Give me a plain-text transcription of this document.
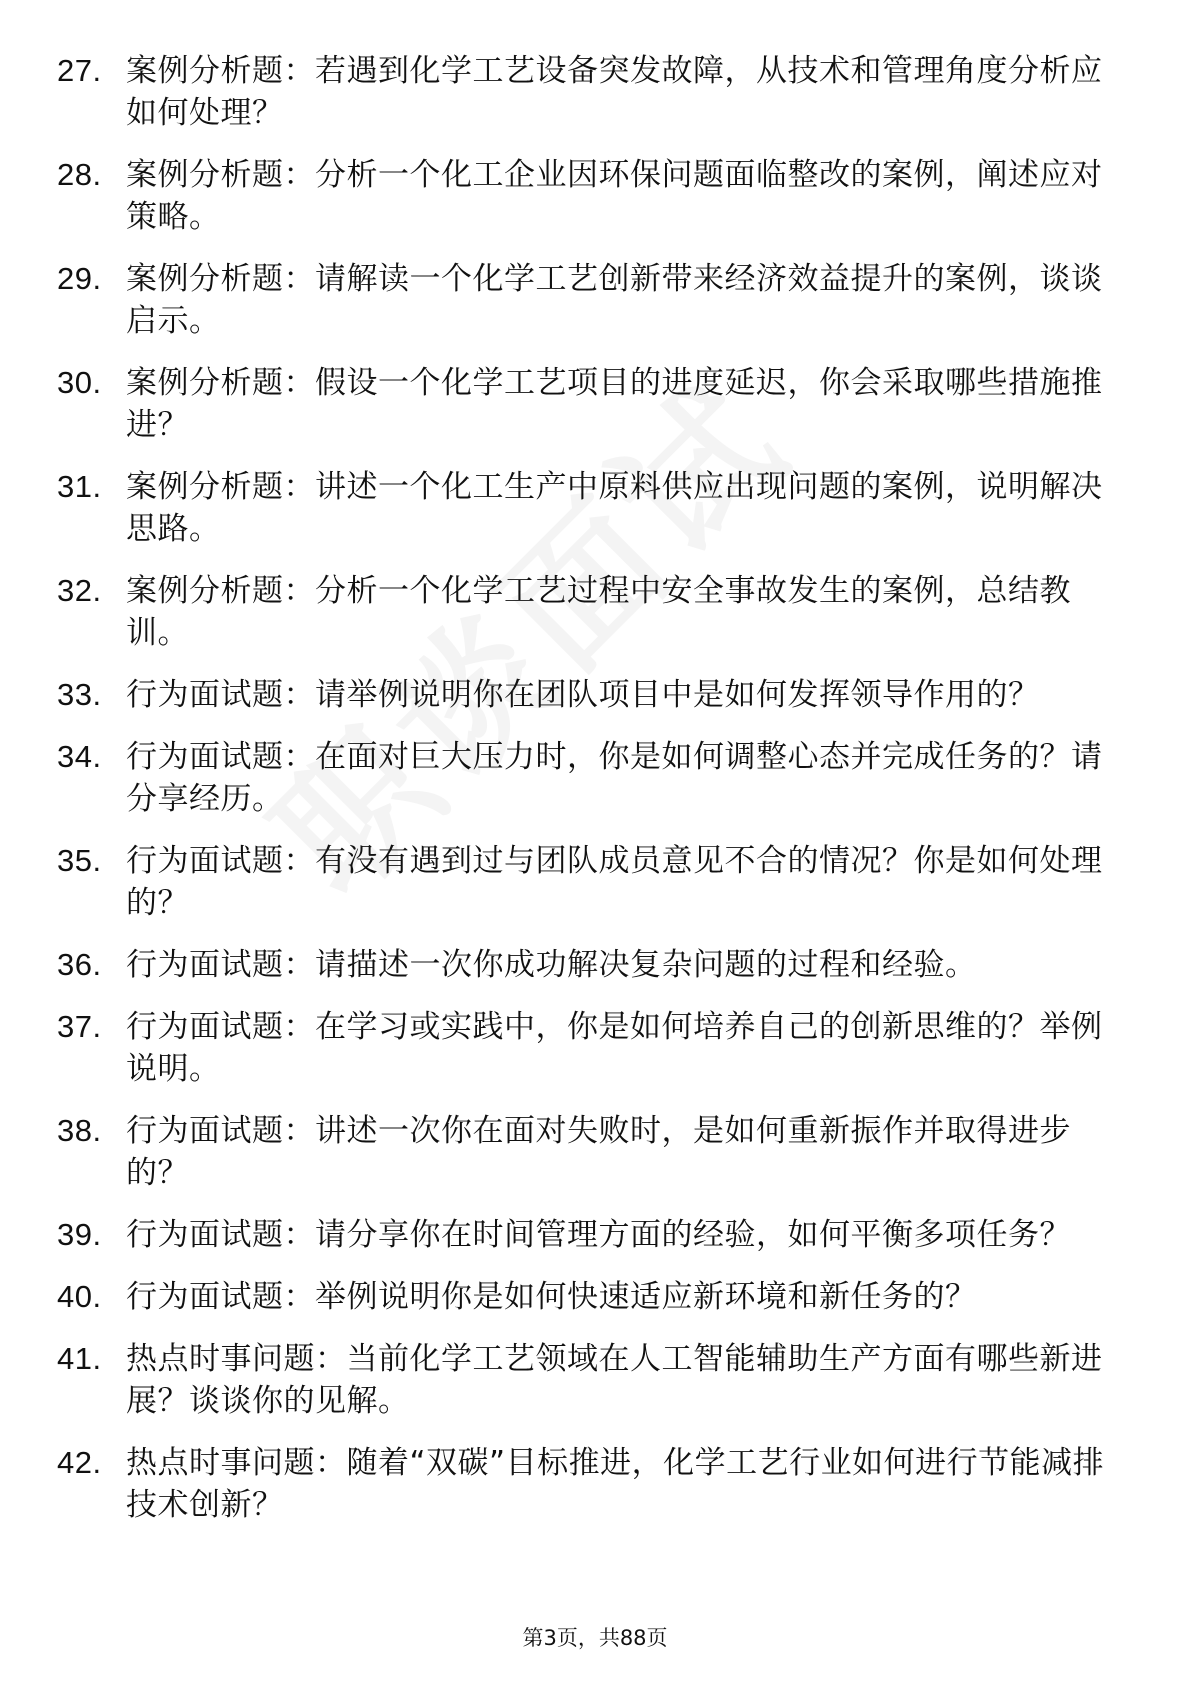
27. 案例分析题：若遇到化学工艺设备突发故障，从技术和管理角度分析应如何处理？
28. 案例分析题：分析一个化工企业因环保问题面临整改的案例，阐述应对策略。
29. 案例分析题：请解读一个化学工艺创新带来经济效益提升的案例，谈谈启示。
30. 案例分析题：假设一个化学工艺项目的进度延迟，你会采取哪些措施推进？
31. 案例分析题：讲述一个化工生产中原料供应出现问题的案例，说明解决思路。
32. 案例分析题：分析一个化学工艺过程中安全事故发生的案例，总结教训。
33. 行为面试题：请举例说明你在团队项目中是如何发挥领导作用的？
34. 行为面试题：在面对巨大压力时，你是如何调整心态并完成任务的？请分享经历。
35. 行为面试题：有没有遇到过与团队成员意见不合的情况？你是如何处理的？
36. 行为面试题：请描述一次你成功解决复杂问题的过程和经验。
37. 行为面试题：在学习或实践中，你是如何培养自己的创新思维的？举例说明。
38. 行为面试题：讲述一次你在面对失败时，是如何重新振作并取得进步的？
39. 行为面试题：请分享你在时间管理方面的经验，如何平衡多项任务？
40. 行为面试题：举例说明你是如何快速适应新环境和新任务的？
41. 热点时事问题：当前化学工艺领域在人工智能辅助生产方面有哪些新进展？谈谈你的见解。
42. 热点时事问题：随着“双碳”目标推进，化学工艺行业如何进行节能减排技术创新？
第3页，共88页
